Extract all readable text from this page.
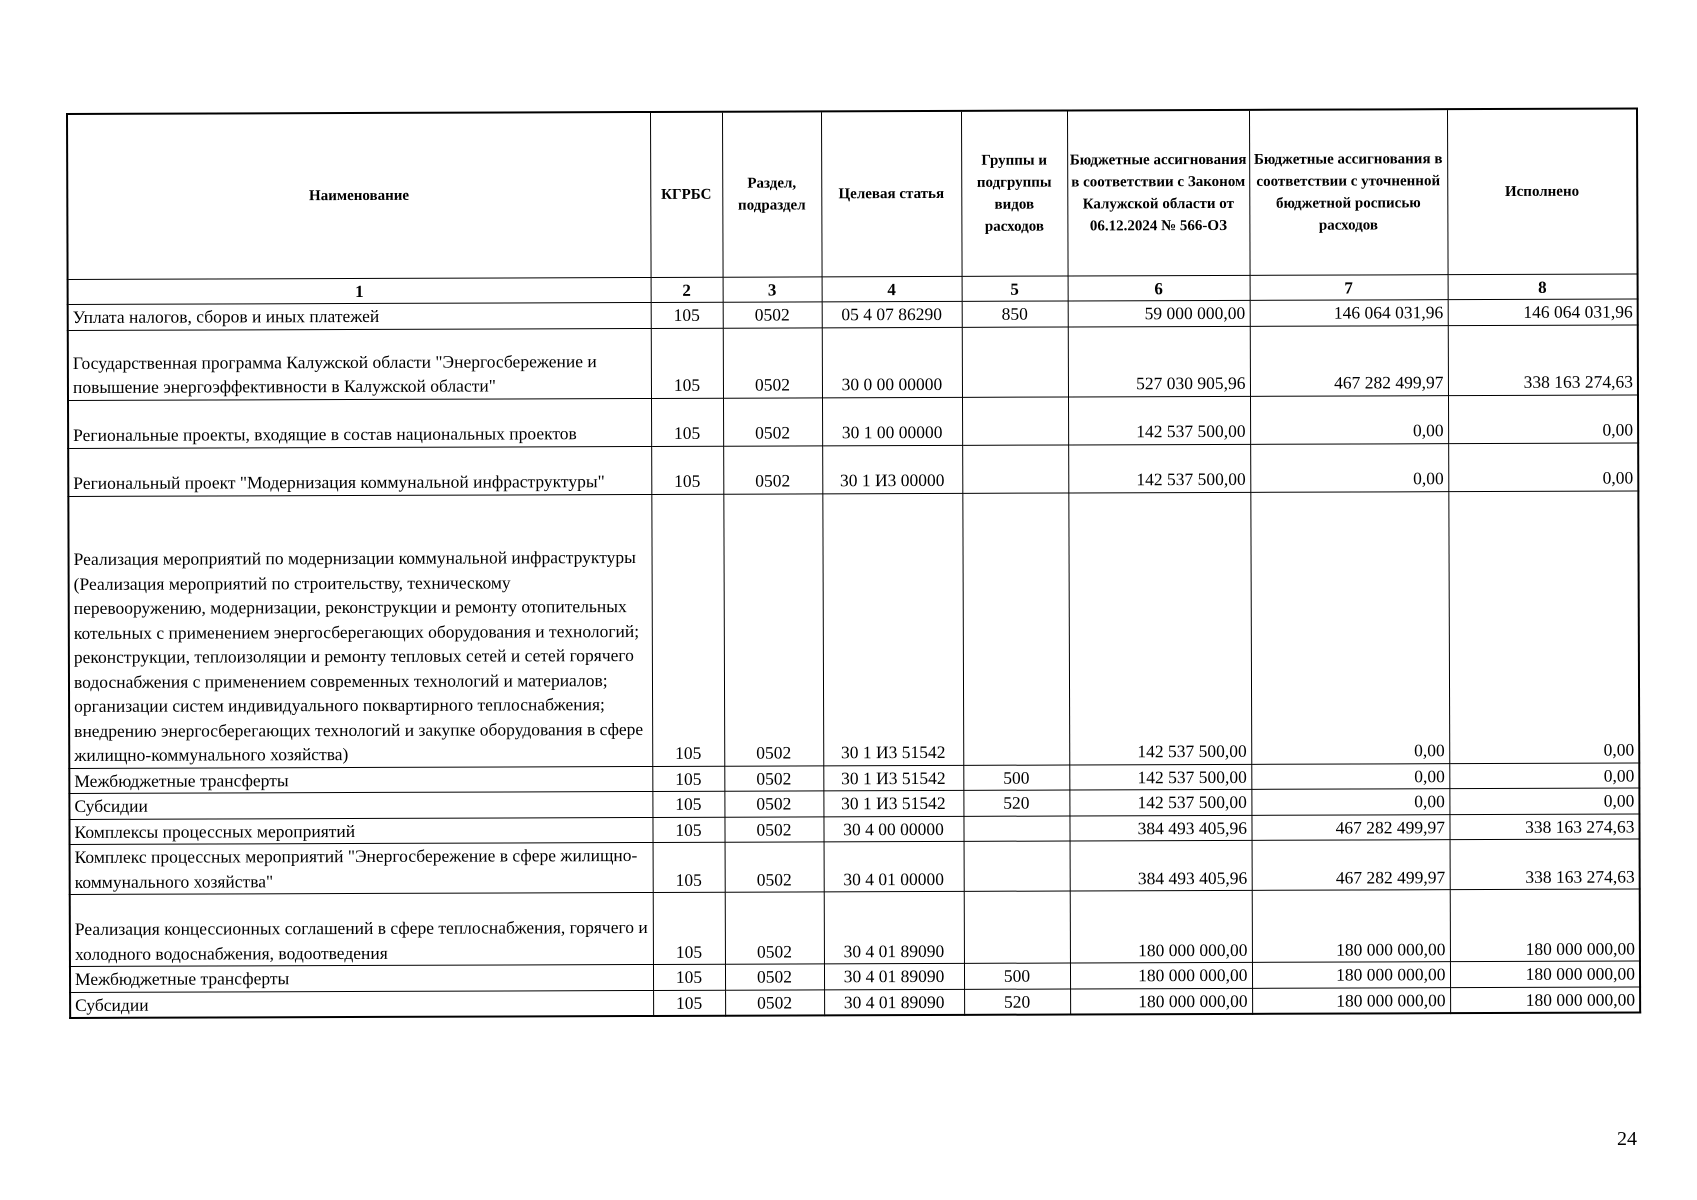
Наименование	КГРБС	Раздел, подраздел	Целевая статья	Группы и подгруппы видов расходов	Бюджетные ассигнования в соответствии с Законом Калужской области от 06.12.2024 № 566-ОЗ	Бюджетные ассигнования в соответствии с уточненной бюджетной росписью расходов	Исполнено
1	2	3	4	5	6	7	8
Уплата налогов, сборов и иных платежей	105	0502	05 4 07 86290	850	59 000 000,00	146 064 031,96	146 064 031,96
Государственная программа Калужской области "Энергосбережение и повышение энергоэффективности в Калужской области"	105	0502	30 0 00 00000		527 030 905,96	467 282 499,97	338 163 274,63
Региональные проекты, входящие в состав национальных проектов	105	0502	30 1 00 00000		142 537 500,00	0,00	0,00
Региональный проект "Модернизация коммунальной инфраструктуры"	105	0502	30 1 И3 00000		142 537 500,00	0,00	0,00
Реализация мероприятий по модернизации коммунальной инфраструктуры (Реализация мероприятий по строительству, техническому перевооружению, модернизации, реконструкции и ремонту отопительных котельных с применением энергосберегающих оборудования и технологий; реконструкции, теплоизоляции и ремонту тепловых сетей и сетей горячего водоснабжения с применением современных технологий и материалов; организации систем индивидуального поквартирного теплоснабжения; внедрению энергосберегающих технологий и закупке оборудования в сфере жилищно-коммунального хозяйства)	105	0502	30 1 И3 51542		142 537 500,00	0,00	0,00
Межбюджетные трансферты	105	0502	30 1 И3 51542	500	142 537 500,00	0,00	0,00
Субсидии	105	0502	30 1 И3 51542	520	142 537 500,00	0,00	0,00
Комплексы процессных мероприятий	105	0502	30 4 00 00000		384 493 405,96	467 282 499,97	338 163 274,63
Комплекс процессных мероприятий "Энергосбережение в сфере жилищно-коммунального хозяйства"	105	0502	30 4 01 00000		384 493 405,96	467 282 499,97	338 163 274,63
Реализация концессионных соглашений в сфере теплоснабжения, горячего и холодного водоснабжения, водоотведения	105	0502	30 4 01 89090		180 000 000,00	180 000 000,00	180 000 000,00
Межбюджетные трансферты	105	0502	30 4 01 89090	500	180 000 000,00	180 000 000,00	180 000 000,00
Субсидии	105	0502	30 4 01 89090	520	180 000 000,00	180 000 000,00	180 000 000,00
24
